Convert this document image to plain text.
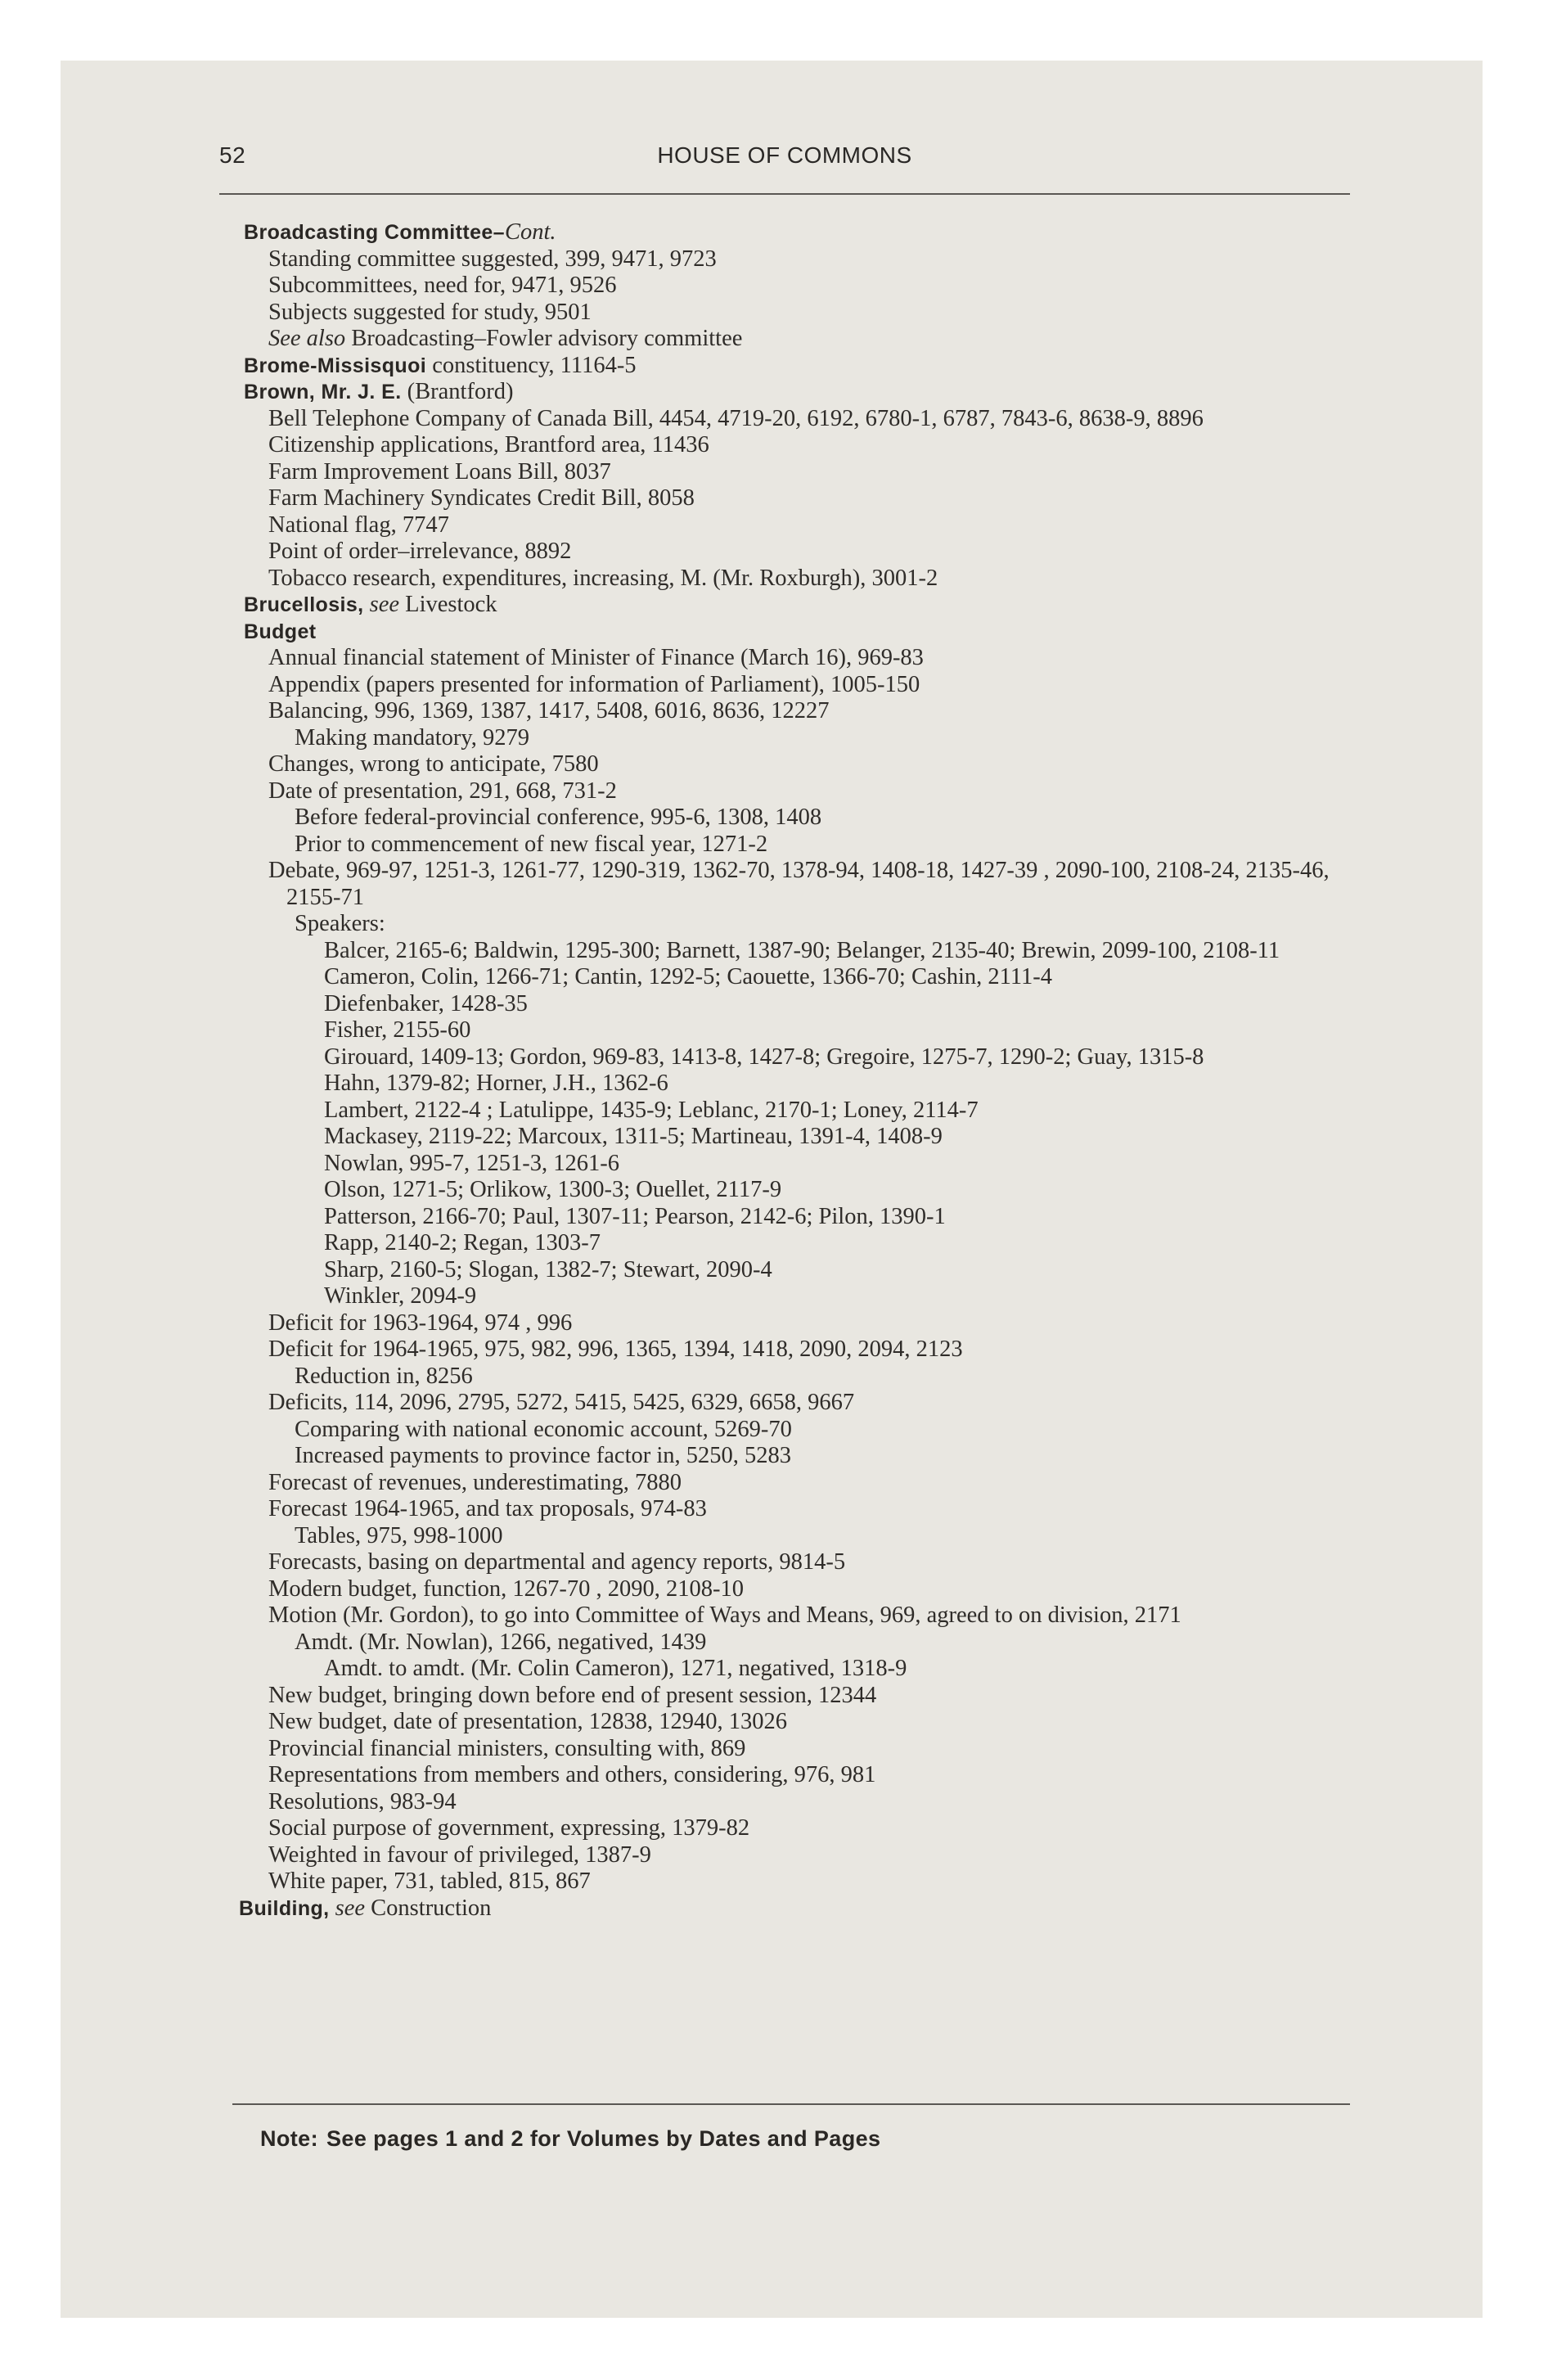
52	HOUSE OF COMMONS
Broadcasting Committee–Cont.
Standing committee suggested, 399, 9471, 9723
Subcommittees, need for, 9471, 9526
Subjects suggested for study, 9501
See also Broadcasting–Fowler advisory committee
Brome-Missisquoi constituency, 11164-5
Brown, Mr. J. E. (Brantford)
Bell Telephone Company of Canada Bill, 4454, 4719-20, 6192, 6780-1, 6787, 7843-6, 8638-9, 8896
Citizenship applications, Brantford area, 11436
Farm Improvement Loans Bill, 8037
Farm Machinery Syndicates Credit Bill, 8058
National flag, 7747
Point of order–irrelevance, 8892
Tobacco research, expenditures, increasing, M. (Mr. Roxburgh), 3001-2
Brucellosis, see Livestock
Budget
Annual financial statement of Minister of Finance (March 16), 969-83
Appendix (papers presented for information of Parliament), 1005-150
Balancing, 996, 1369, 1387, 1417, 5408, 6016, 8636, 12227
Making mandatory, 9279
Changes, wrong to anticipate, 7580
Date of presentation, 291, 668, 731-2
Before federal-provincial conference, 995-6, 1308, 1408
Prior to commencement of new fiscal year, 1271-2
Debate, 969-97, 1251-3, 1261-77, 1290-319, 1362-70, 1378-94, 1408-18, 1427-39 , 2090-100, 2108-24, 2135-46, 2155-71
Speakers:
Balcer, 2165-6; Baldwin, 1295-300; Barnett, 1387-90; Belanger, 2135-40; Brewin, 2099-100, 2108-11
Cameron, Colin, 1266-71; Cantin, 1292-5; Caouette, 1366-70; Cashin, 2111-4
Diefenbaker, 1428-35
Fisher, 2155-60
Girouard, 1409-13; Gordon, 969-83, 1413-8, 1427-8; Gregoire, 1275-7, 1290-2; Guay, 1315-8
Hahn, 1379-82; Horner, J.H., 1362-6
Lambert, 2122-4 ; Latulippe, 1435-9; Leblanc, 2170-1; Loney, 2114-7
Mackasey, 2119-22; Marcoux, 1311-5; Martineau, 1391-4, 1408-9
Nowlan, 995-7, 1251-3, 1261-6
Olson, 1271-5; Orlikow, 1300-3; Ouellet, 2117-9
Patterson, 2166-70; Paul, 1307-11; Pearson, 2142-6; Pilon, 1390-1
Rapp, 2140-2; Regan, 1303-7
Sharp, 2160-5; Slogan, 1382-7; Stewart, 2090-4
Winkler, 2094-9
Deficit for 1963-1964, 974 , 996
Deficit for 1964-1965, 975, 982, 996, 1365, 1394, 1418, 2090, 2094, 2123
Reduction in, 8256
Deficits, 114, 2096, 2795, 5272, 5415, 5425, 6329, 6658, 9667
Comparing with national economic account, 5269-70
Increased payments to province factor in, 5250, 5283
Forecast of revenues, underestimating, 7880
Forecast 1964-1965, and tax proposals, 974-83
Tables, 975, 998-1000
Forecasts, basing on departmental and agency reports, 9814-5
Modern budget, function, 1267-70 , 2090, 2108-10
Motion (Mr. Gordon), to go into Committee of Ways and Means, 969, agreed to on division, 2171
Amdt. (Mr. Nowlan), 1266, negatived, 1439
Amdt. to amdt. (Mr. Colin Cameron), 1271, negatived, 1318-9
New budget, bringing down before end of present session, 12344
New budget, date of presentation, 12838, 12940, 13026
Provincial financial ministers, consulting with, 869
Representations from members and others, considering, 976, 981
Resolutions, 983-94
Social purpose of government, expressing, 1379-82
Weighted in favour of privileged, 1387-9
White paper, 731, tabled, 815, 867
Building, see Construction
Note: See pages 1 and 2 for Volumes by Dates and Pages
